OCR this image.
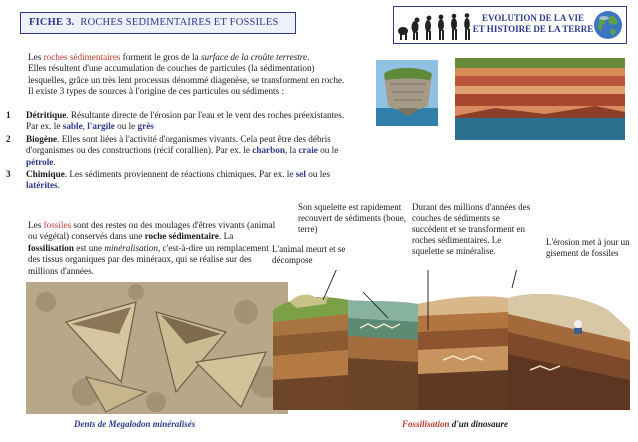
FICHE 3. ROCHES SEDIMENTAIRES ET FOSSILES	EVOLUTION DE LA VIE
ET HISTOIRE DE LA TERRE
Les roches sédimentaires forment le gros de la surface de la croûte terrestre.
Elles résultent d'une accumulation de couches de particules (la sédimentation) lesquelles, grâce un très lent processus dénommé diagenèse, se transforment en roche. Il existe 3 types de sources à l'origine de ces particules ou sédiments :
1 Détritique. Résultante directe de l'érosion par l'eau et le vent des roches préexistantes. Par ex. le sable, l'argile ou le grès
2 Biogène. Elles sont liées à l'activité d'organismes vivants. Cela peut être des débris d'organismes ou des constructions (récif corallien). Par ex. le charbon, la craie ou le pétrole.
3 Chimique. Les sédiments proviennent de réactions chimiques. Par ex. le sel ou les latérites.
Les fossiles sont des restes ou des moulages d'êtres vivants (animal ou végétal) conservés dans une roche sédimentaire. La fossilisation est une minéralisation, c'est-à-dire un remplacement des tissus organiques par des minéraux, qui se réalise sur des millions d'années.
Son squelette est rapidement recouvert de sédiments (boue, terre)
Durant des millions d'années des couches de sédiments se succèdent et se transforment en roches sédimentaires. Le squelette se minéralise.
L'animal meurt et se décompose
L'érosion met à jour un gisement de fossiles
Dents de Megalodon minéralisés	Fossilisation d'un dinosaure
